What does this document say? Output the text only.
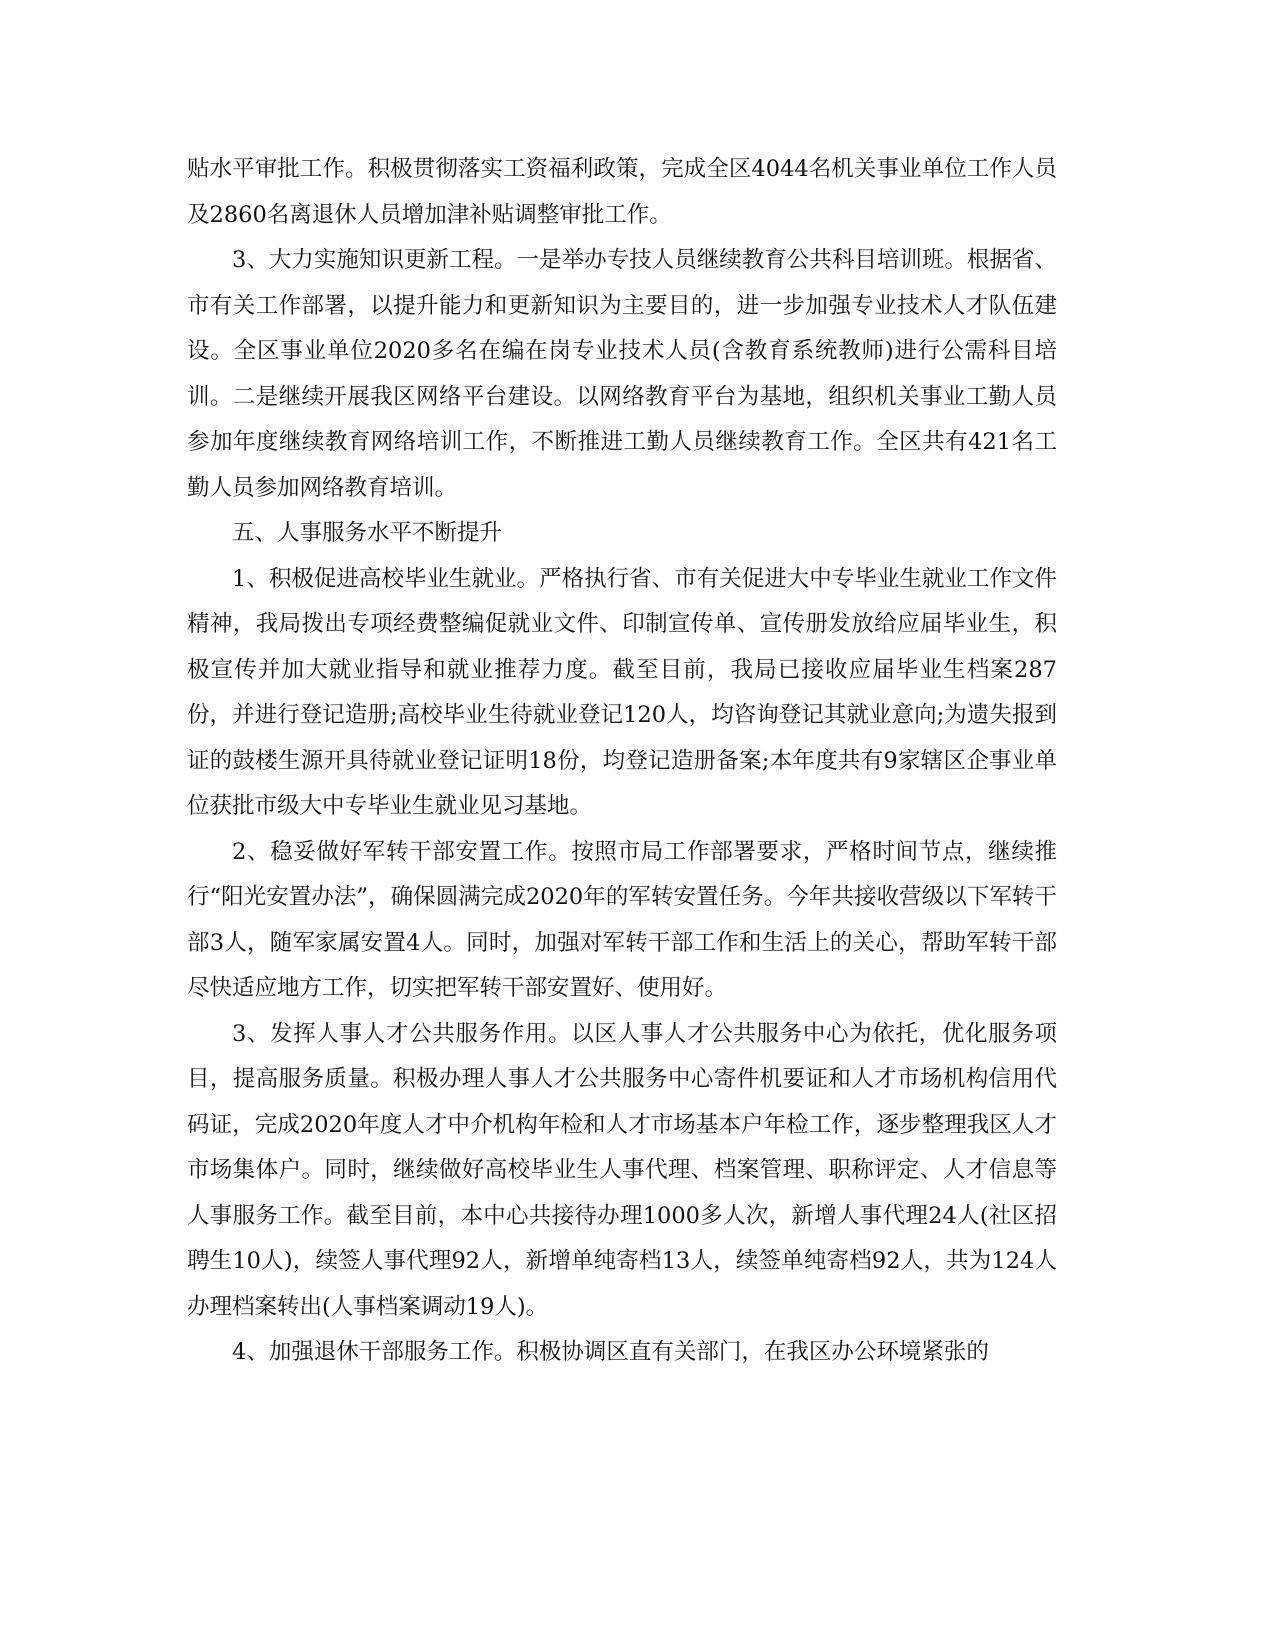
贴水平审批工作。积极贯彻落实工资福利政策，完成全区4044名机关事业单位工作人员及2860名离退休人员增加津补贴调整审批工作。

3、大力实施知识更新工程。一是举办专技人员继续教育公共科目培训班。根据省、市有关工作部署，以提升能力和更新知识为主要目的，进一步加强专业技术人才队伍建设。全区事业单位2020多名在编在岗专业技术人员(含教育系统教师)进行公需科目培训。二是继续开展我区网络平台建设。以网络教育平台为基地，组织机关事业工勤人员参加年度继续教育网络培训工作，不断推进工勤人员继续教育工作。全区共有421名工勤人员参加网络教育培训。

五、人事服务水平不断提升

1、积极促进高校毕业生就业。严格执行省、市有关促进大中专毕业生就业工作文件精神，我局拨出专项经费整编促就业文件、印制宣传单、宣传册发放给应届毕业生，积极宣传并加大就业指导和就业推荐力度。截至目前，我局已接收应届毕业生档案287份，并进行登记造册;高校毕业生待就业登记120人，均咨询登记其就业意向;为遗失报到证的鼓楼生源开具待就业登记证明18份，均登记造册备案;本年度共有9家辖区企事业单位获批市级大中专毕业生就业见习基地。

2、稳妥做好军转干部安置工作。按照市局工作部署要求，严格时间节点，继续推行“阳光安置办法”，确保圆满完成2020年的军转安置任务。今年共接收营级以下军转干部3人，随军家属安置4人。同时，加强对军转干部工作和生活上的关心，帮助军转干部尽快适应地方工作，切实把军转干部安置好、使用好。

3、发挥人事人才公共服务作用。以区人事人才公共服务中心为依托，优化服务项目，提高服务质量。积极办理人事人才公共服务中心寄件机要证和人才市场机构信用代码证，完成2020年度人才中介机构年检和人才市场基本户年检工作，逐步整理我区人才市场集体户。同时，继续做好高校毕业生人事代理、档案管理、职称评定、人才信息等人事服务工作。截至目前，本中心共接待办理1000多人次，新增人事代理24人(社区招聘生10人)，续签人事代理92人，新增单纯寄档13人，续签单纯寄档92人，共为124人办理档案转出(人事档案调动19人)。

4、加强退休干部服务工作。积极协调区直有关部门，在我区办公环境紧张的
